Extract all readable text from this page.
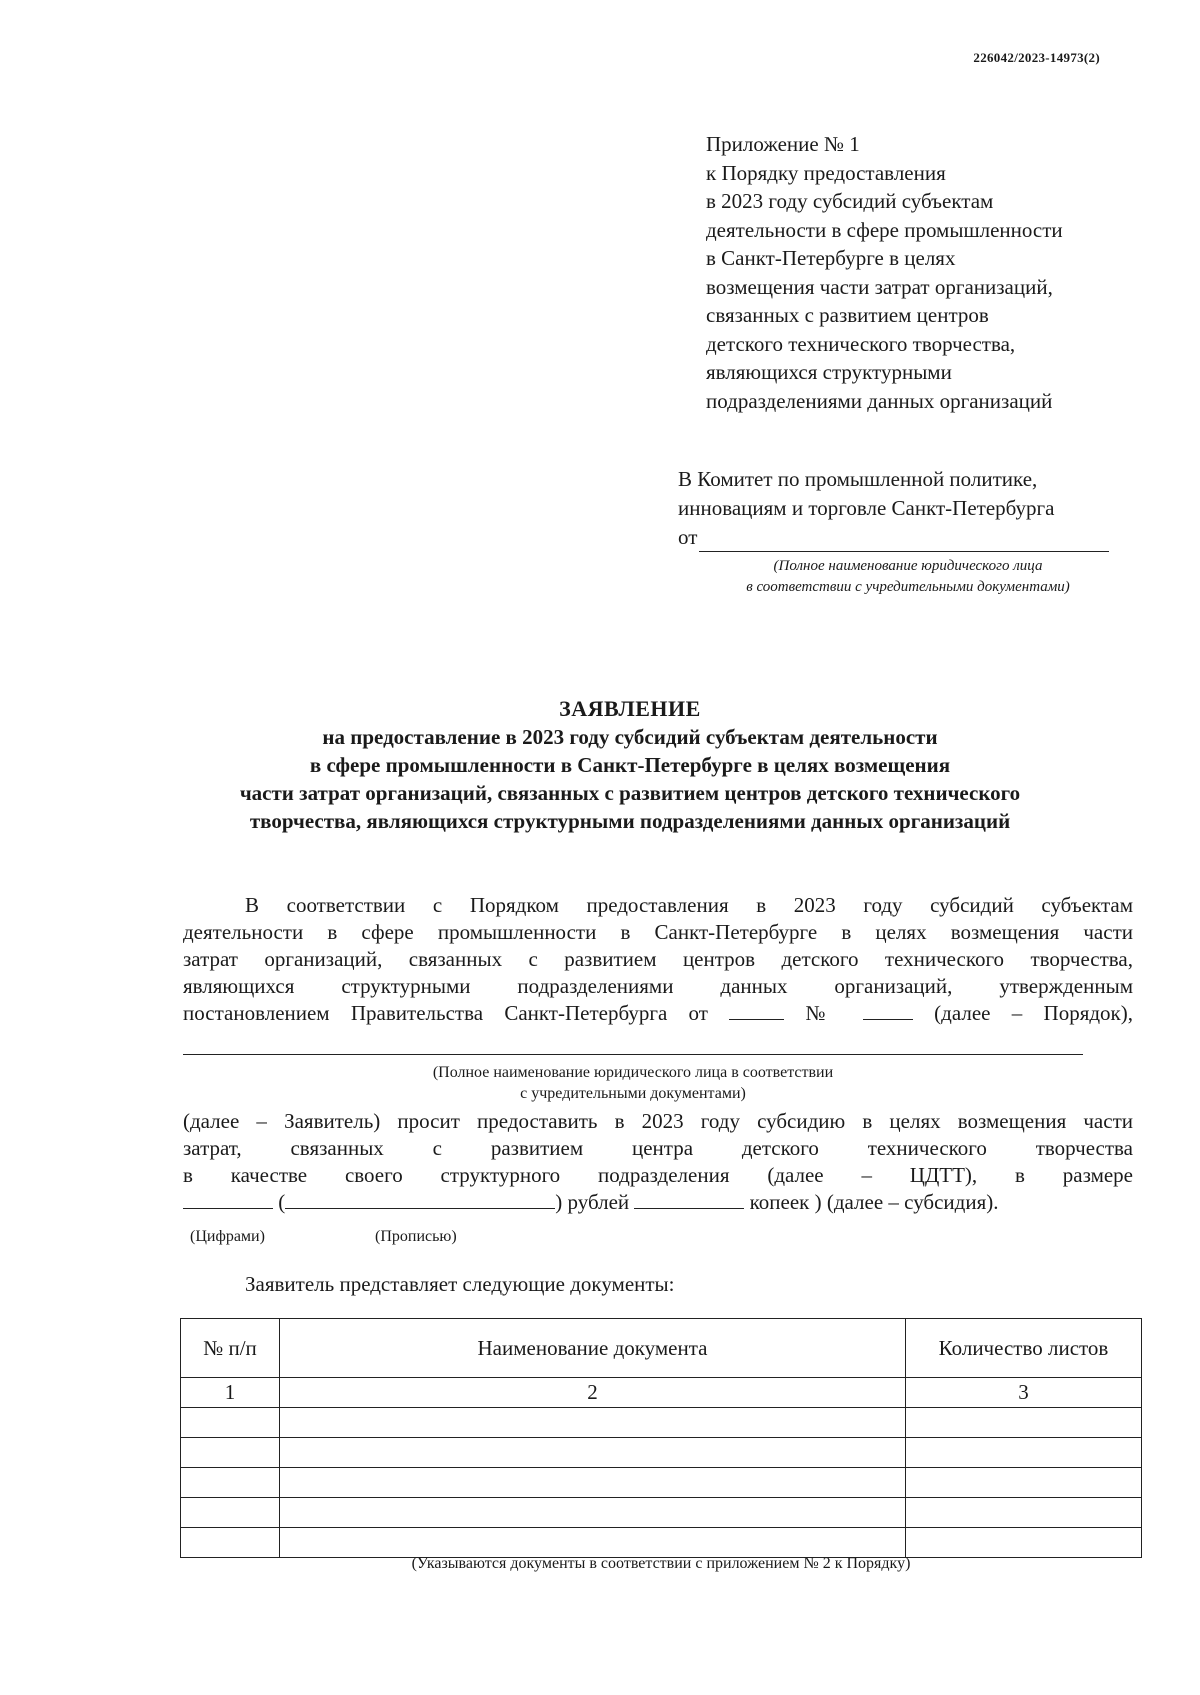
226042/2023-14973(2)
Приложение № 1
к Порядку предоставления
в 2023 году субсидий субъектам
деятельности в сфере промышленности
в Санкт-Петербурге в целях
возмещения части затрат организаций,
связанных с развитием центров
детского технического творчества,
являющихся структурными
подразделениями данных организаций
В Комитет по промышленной политике,
инновациям и торговле Санкт-Петербурга
от
(Полное наименование юридического лица
в соответствии с учредительными документами)
ЗАЯВЛЕНИЕ
на предоставление в 2023 году субсидий субъектам деятельности
в сфере промышленности в Санкт-Петербурге в целях возмещения
части затрат организаций, связанных с развитием центров детского технического
творчества, являющихся структурными подразделениями данных организаций
В соответствии с Порядком предоставления в 2023 году субсидий субъектам
деятельности в сфере промышленности в Санкт-Петербурге в целях возмещения части
затрат организаций, связанных с развитием центров детского технического творчества,
являющихся структурными подразделениями данных организаций, утвержденным
постановлением Правительства Санкт-Петербурга от	№	(далее – Порядок),
(Полное наименование юридического лица в соответствии
с учредительными документами)
(далее – Заявитель) просит предоставить в 2023 году субсидию в целях возмещения части
затрат, связанных с развитием центра детского технического творчества
в качестве своего структурного подразделения (далее – ЦДТТ), в размере
(	) рублей	копеек ) (далее – субсидия).
(Цифрами)	(Прописью)
Заявитель представляет следующие документы:
№ п/п	Наименование документа	Количество листов
1	2	3

(Указываются документы в соответствии с приложением № 2 к Порядку)
